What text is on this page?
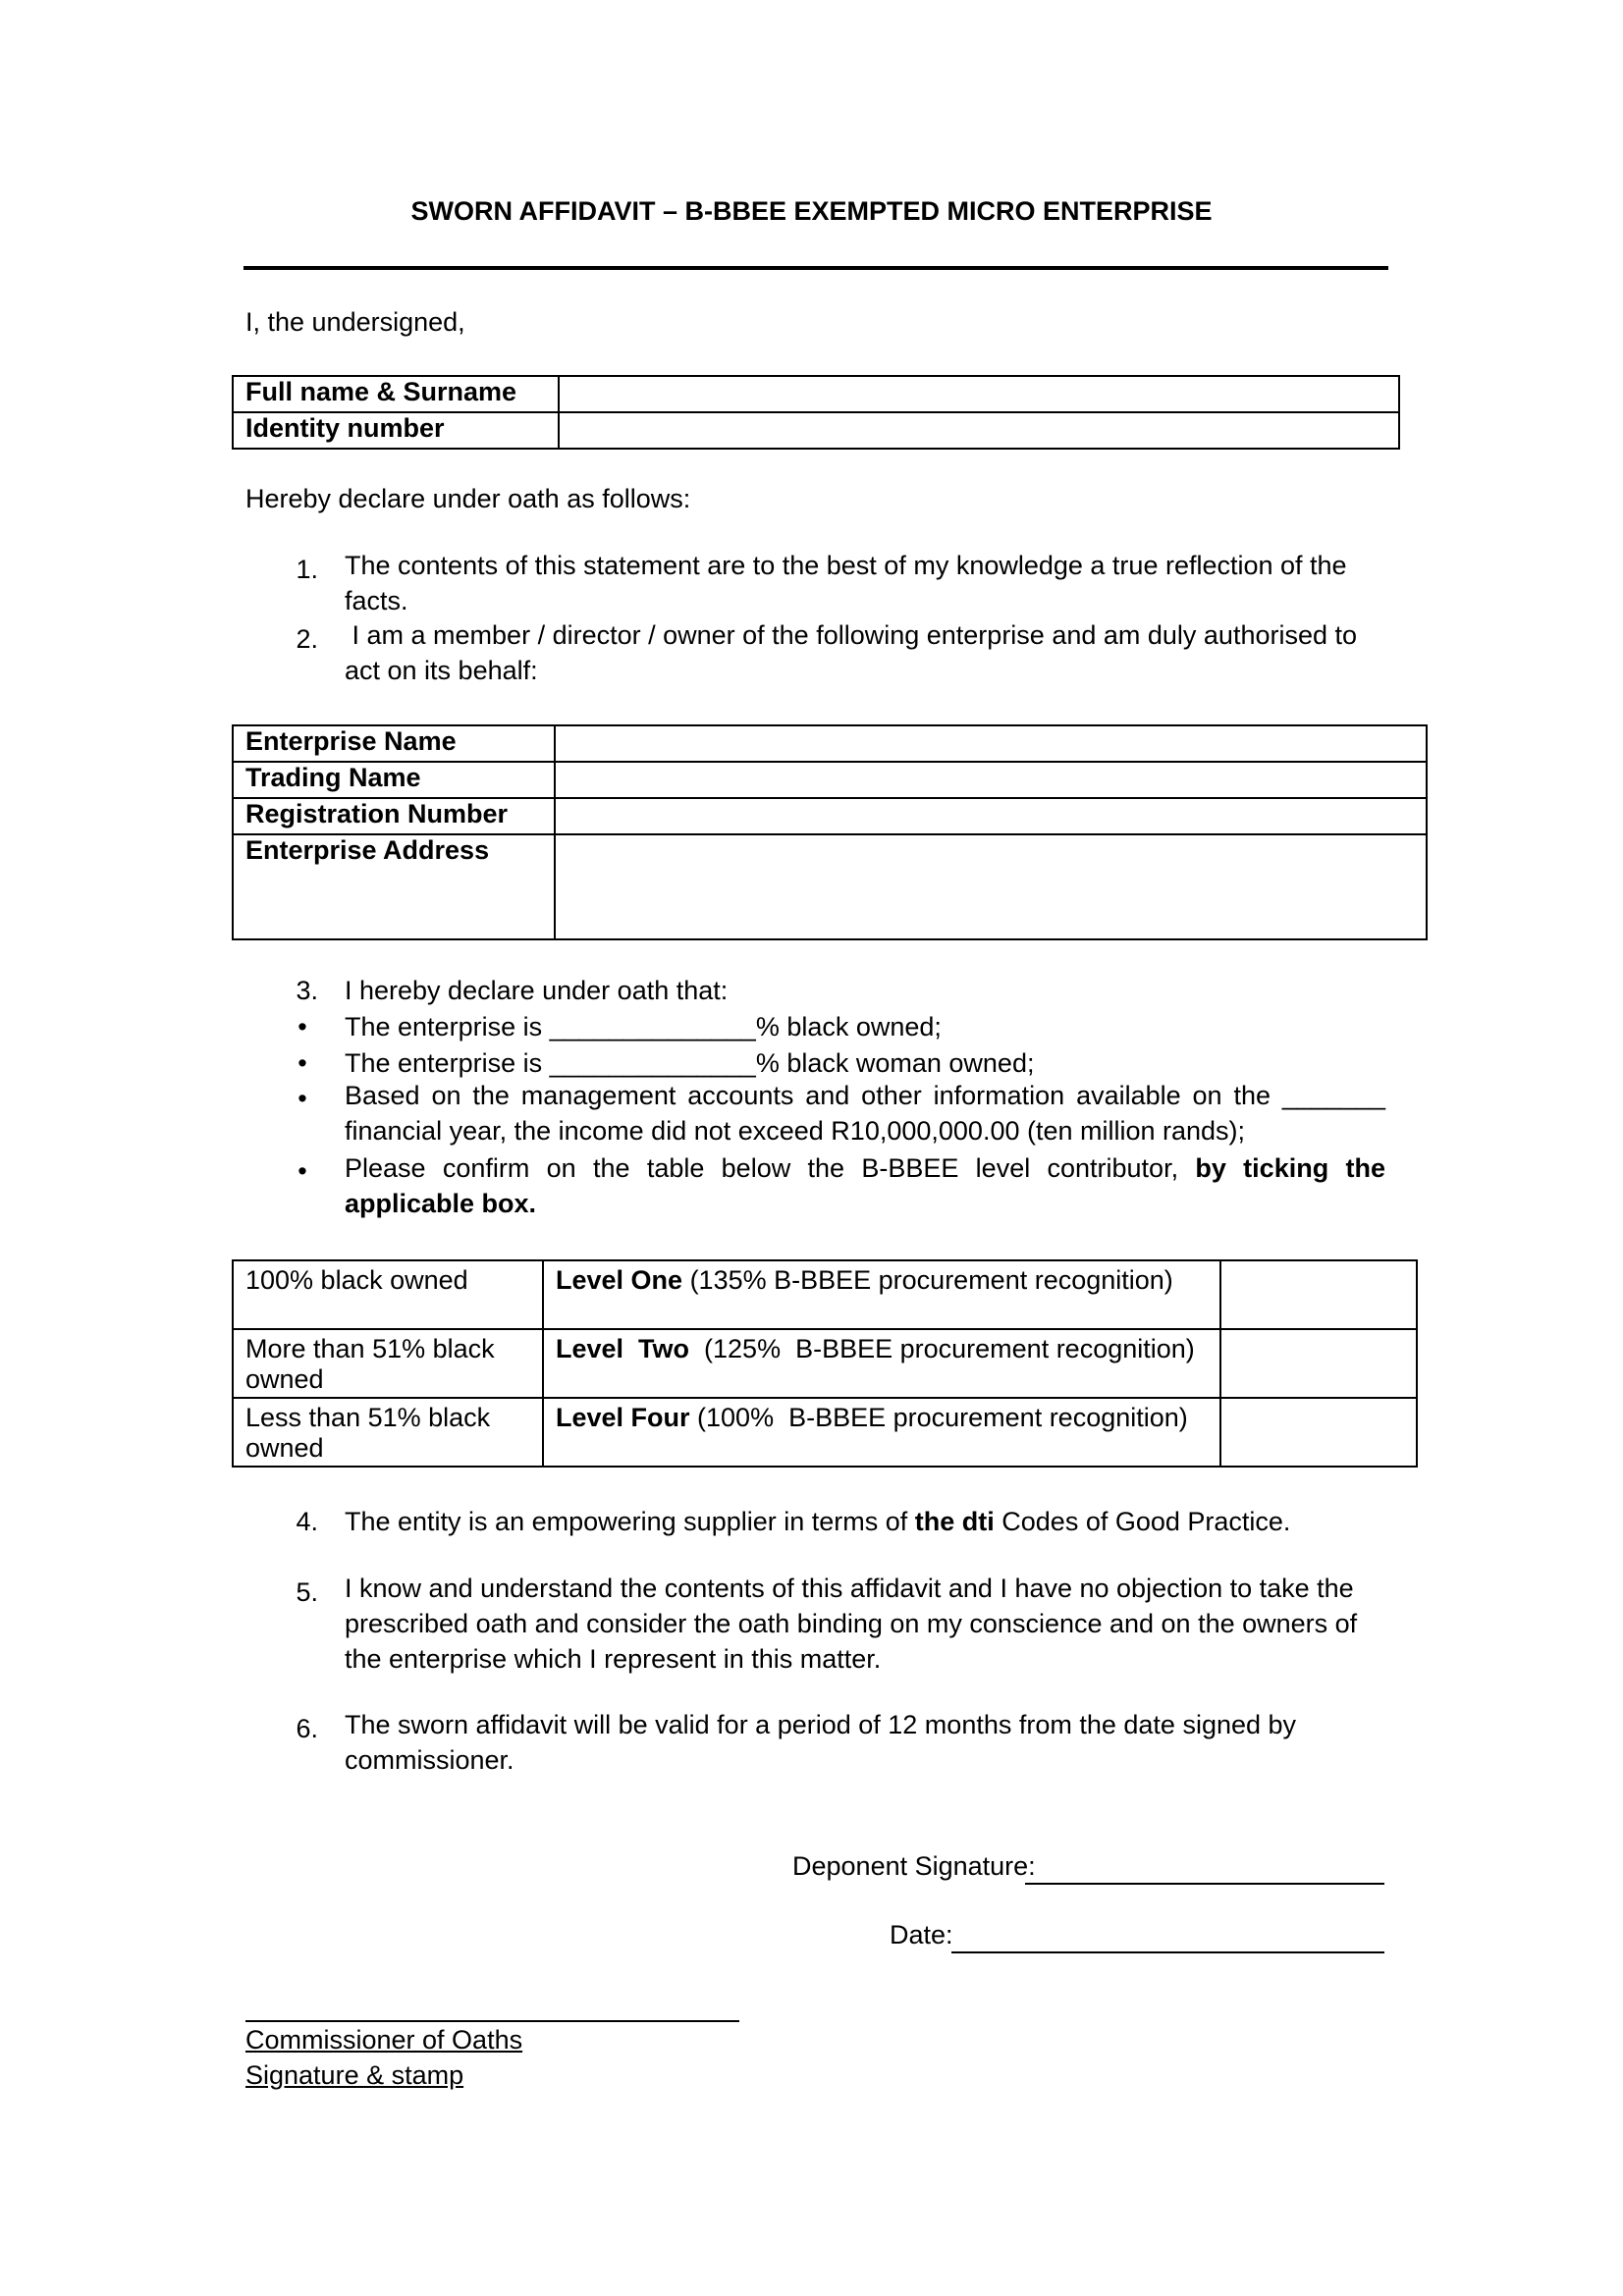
SWORN AFFIDAVIT – B-BBEE EXEMPTED MICRO ENTERPRISE
I, the undersigned,
Full name & Surname	
Identity number	
Hereby declare under oath as follows:
1. The contents of this statement are to the best of my knowledge a true reflection of the facts.
2. I am a member / director / owner of the following enterprise and am duly authorised to act on its behalf:
Enterprise Name	
Trading Name	
Registration Number	
Enterprise Address	
3. I hereby declare under oath that:
• The enterprise is ______________% black owned;
• The enterprise is ______________% black woman owned;
• Based on the management accounts and other information available on the _______ financial year, the income did not exceed R10,000,000.00 (ten million rands);
• Please confirm on the table below the B-BBEE level contributor, by ticking the applicable box.
100% black owned	Level One (135% B-BBEE procurement recognition)	
More than 51% black owned	Level  Two  (125%  B-BBEE procurement recognition)	
Less than 51% black owned	Level Four (100%  B-BBEE procurement recognition)	
4. The entity is an empowering supplier in terms of the dti Codes of Good Practice.
5. I know and understand the contents of this affidavit and I have no objection to take the prescribed oath and consider the oath binding on my conscience and on the owners of the enterprise which I represent in this matter.
6. The sworn affidavit will be valid for a period of 12 months from the date signed by commissioner.
Deponent Signature:
Date:
Commissioner of Oaths
Signature & stamp
